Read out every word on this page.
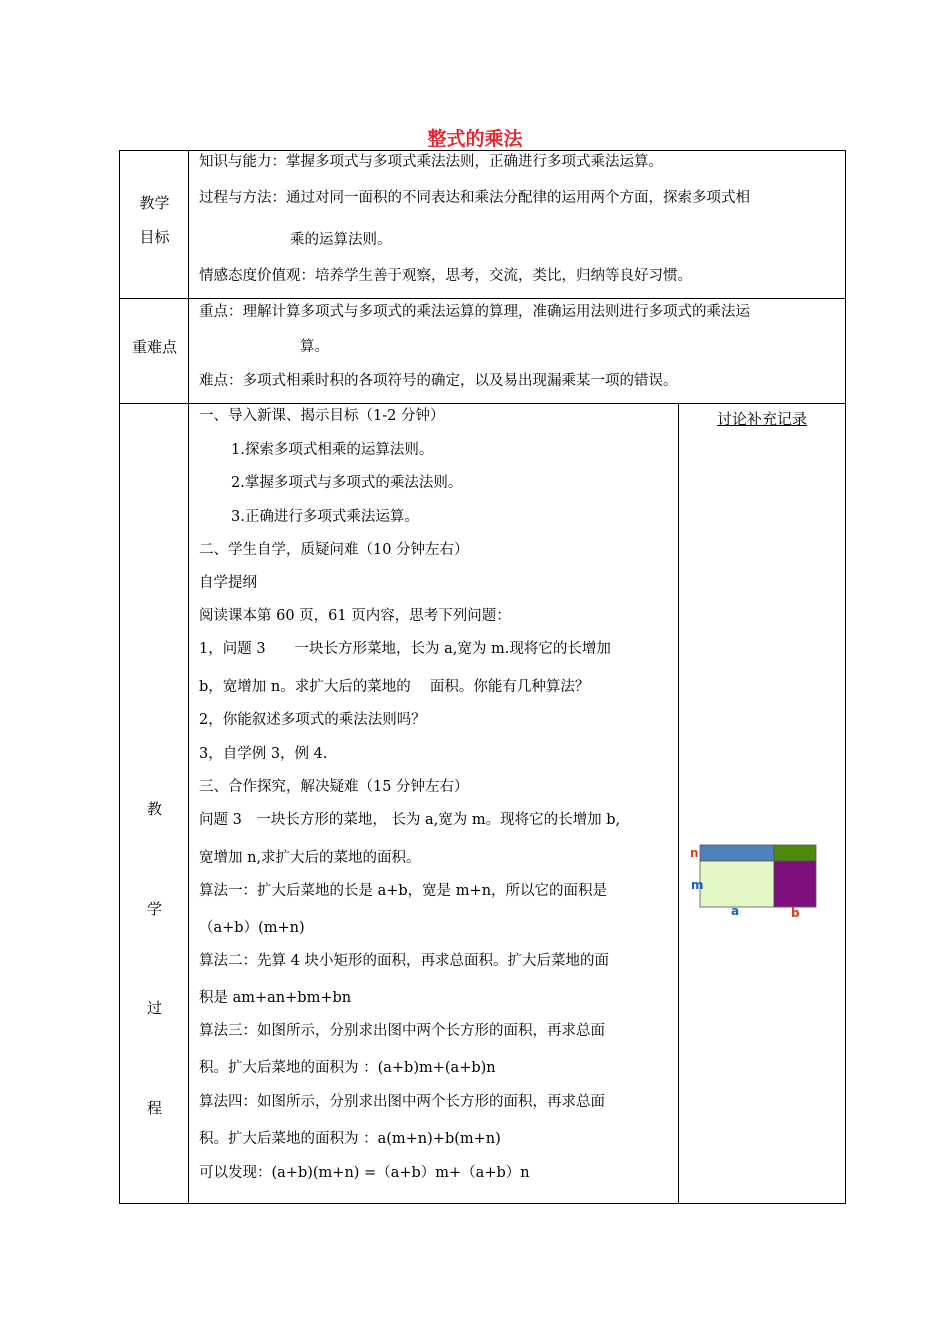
整式的乘法
教学
目标
知识与能力：掌握多项式与多项式乘法法则，正确进行多项式乘法运算。
过程与方法：通过对同一面积的不同表达和乘法分配律的运用两个方面，探索多项式相
乘的运算法则。
情感态度价值观：培养学生善于观察，思考，交流，类比，归纳等良好习惯。
重难点
重点：理解计算多项式与多项式的乘法运算的算理，准确运用法则进行多项式的乘法运
算。
难点：多项式相乘时积的各项符号的确定，以及易出现漏乘某一项的错误。
教
学
过
程
讨论补充记录
一、导入新课、揭示目标（1-2 分钟）
1.探索多项式相乘的运算法则。
2.掌握多项式与多项式的乘法法则。
3.正确进行多项式乘法运算。
二、学生自学，质疑问难（10 分钟左右）
自学提纲
阅读课本第 60 页，61 页内容，思考下列问题：
1，问题 3　　一块长方形菜地，长为 a,宽为 m.现将它的长增加
b，宽增加 n。求扩大后的菜地的　 面积。你能有几种算法？
2，你能叙述多项式的乘法法则吗？
3，自学例 3，例 4.
三、合作探究，解决疑难（15 分钟左右）
问题 3　一块长方形的菜地， 长为 a,宽为 m。现将它的长增加 b,
宽增加 n,求扩大后的菜地的面积。
算法一：扩大后菜地的长是 a+b，宽是 m+n，所以它的面积是
（a+b）(m+n)
算法二：先算 4 块小矩形的面积，再求总面积。扩大后菜地的面
积是 am+an+bm+bn
算法三：如图所示，分别求出图中两个长方形的面积，再求总面
积。扩大后菜地的面积为 ：(a+b)m+(a+b)n
算法四：如图所示，分别求出图中两个长方形的面积，再求总面
积。扩大后菜地的面积为 ：a(m+n)+b(m+n)
可以发现：(a+b)(m+n) =（a+b）m+（a+b）n
n
m
a	b
